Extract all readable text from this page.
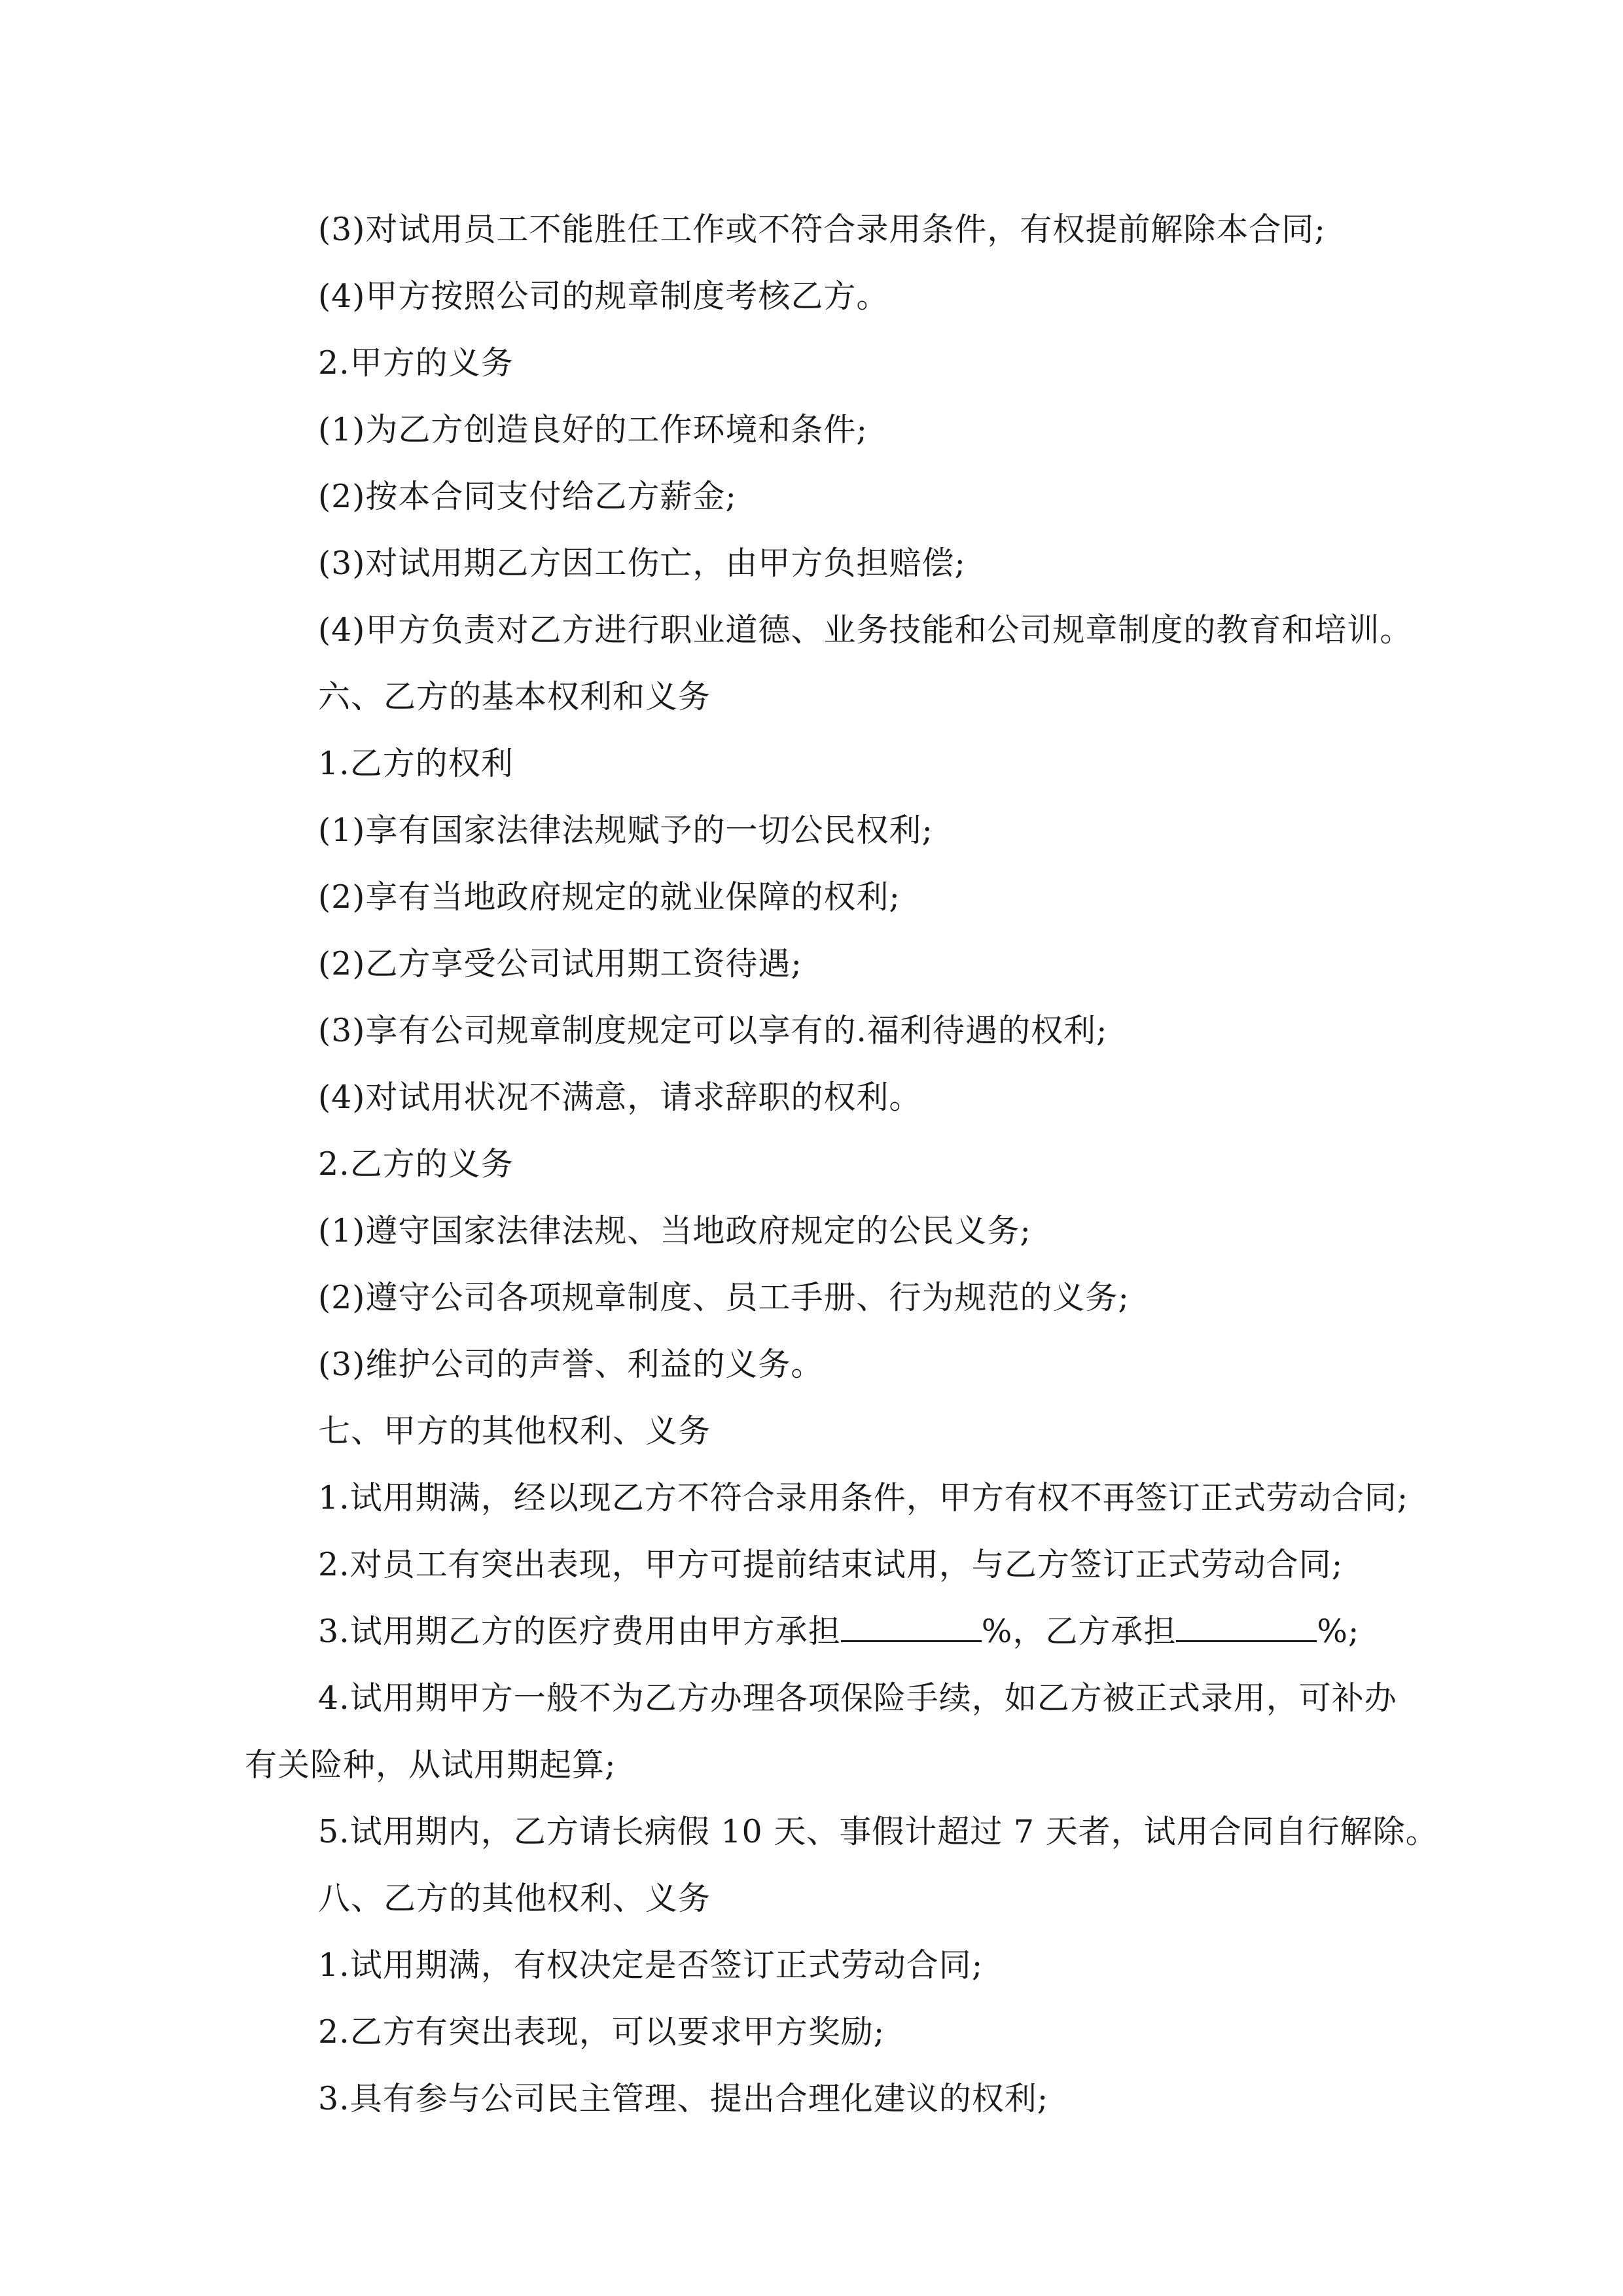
(3)对试用员工不能胜任工作或不符合录用条件，有权提前解除本合同;
(4)甲方按照公司的规章制度考核乙方。
2.甲方的义务
(1)为乙方创造良好的工作环境和条件;
(2)按本合同支付给乙方薪金;
(3)对试用期乙方因工伤亡，由甲方负担赔偿;
(4)甲方负责对乙方进行职业道德、业务技能和公司规章制度的教育和培训。
六、乙方的基本权利和义务
1.乙方的权利
(1)享有国家法律法规赋予的一切公民权利;
(2)享有当地政府规定的就业保障的权利;
(2)乙方享受公司试用期工资待遇;
(3)享有公司规章制度规定可以享有的.福利待遇的权利;
(4)对试用状况不满意，请求辞职的权利。
2.乙方的义务
(1)遵守国家法律法规、当地政府规定的公民义务;
(2)遵守公司各项规章制度、员工手册、行为规范的义务;
(3)维护公司的声誉、利益的义务。
七、甲方的其他权利、义务
1.试用期满，经以现乙方不符合录用条件，甲方有权不再签订正式劳动合同;
2.对员工有突出表现，甲方可提前结束试用，与乙方签订正式劳动合同;
3.试用期乙方的医疗费用由甲方承担	%，乙方承担	%;
4.试用期甲方一般不为乙方办理各项保险手续，如乙方被正式录用，可补办
有关险种，从试用期起算;
5.试用期内，乙方请长病假 10 天、事假计超过 7 天者，试用合同自行解除。
八、乙方的其他权利、义务
1.试用期满，有权决定是否签订正式劳动合同;
2.乙方有突出表现，可以要求甲方奖励;
3.具有参与公司民主管理、提出合理化建议的权利;
